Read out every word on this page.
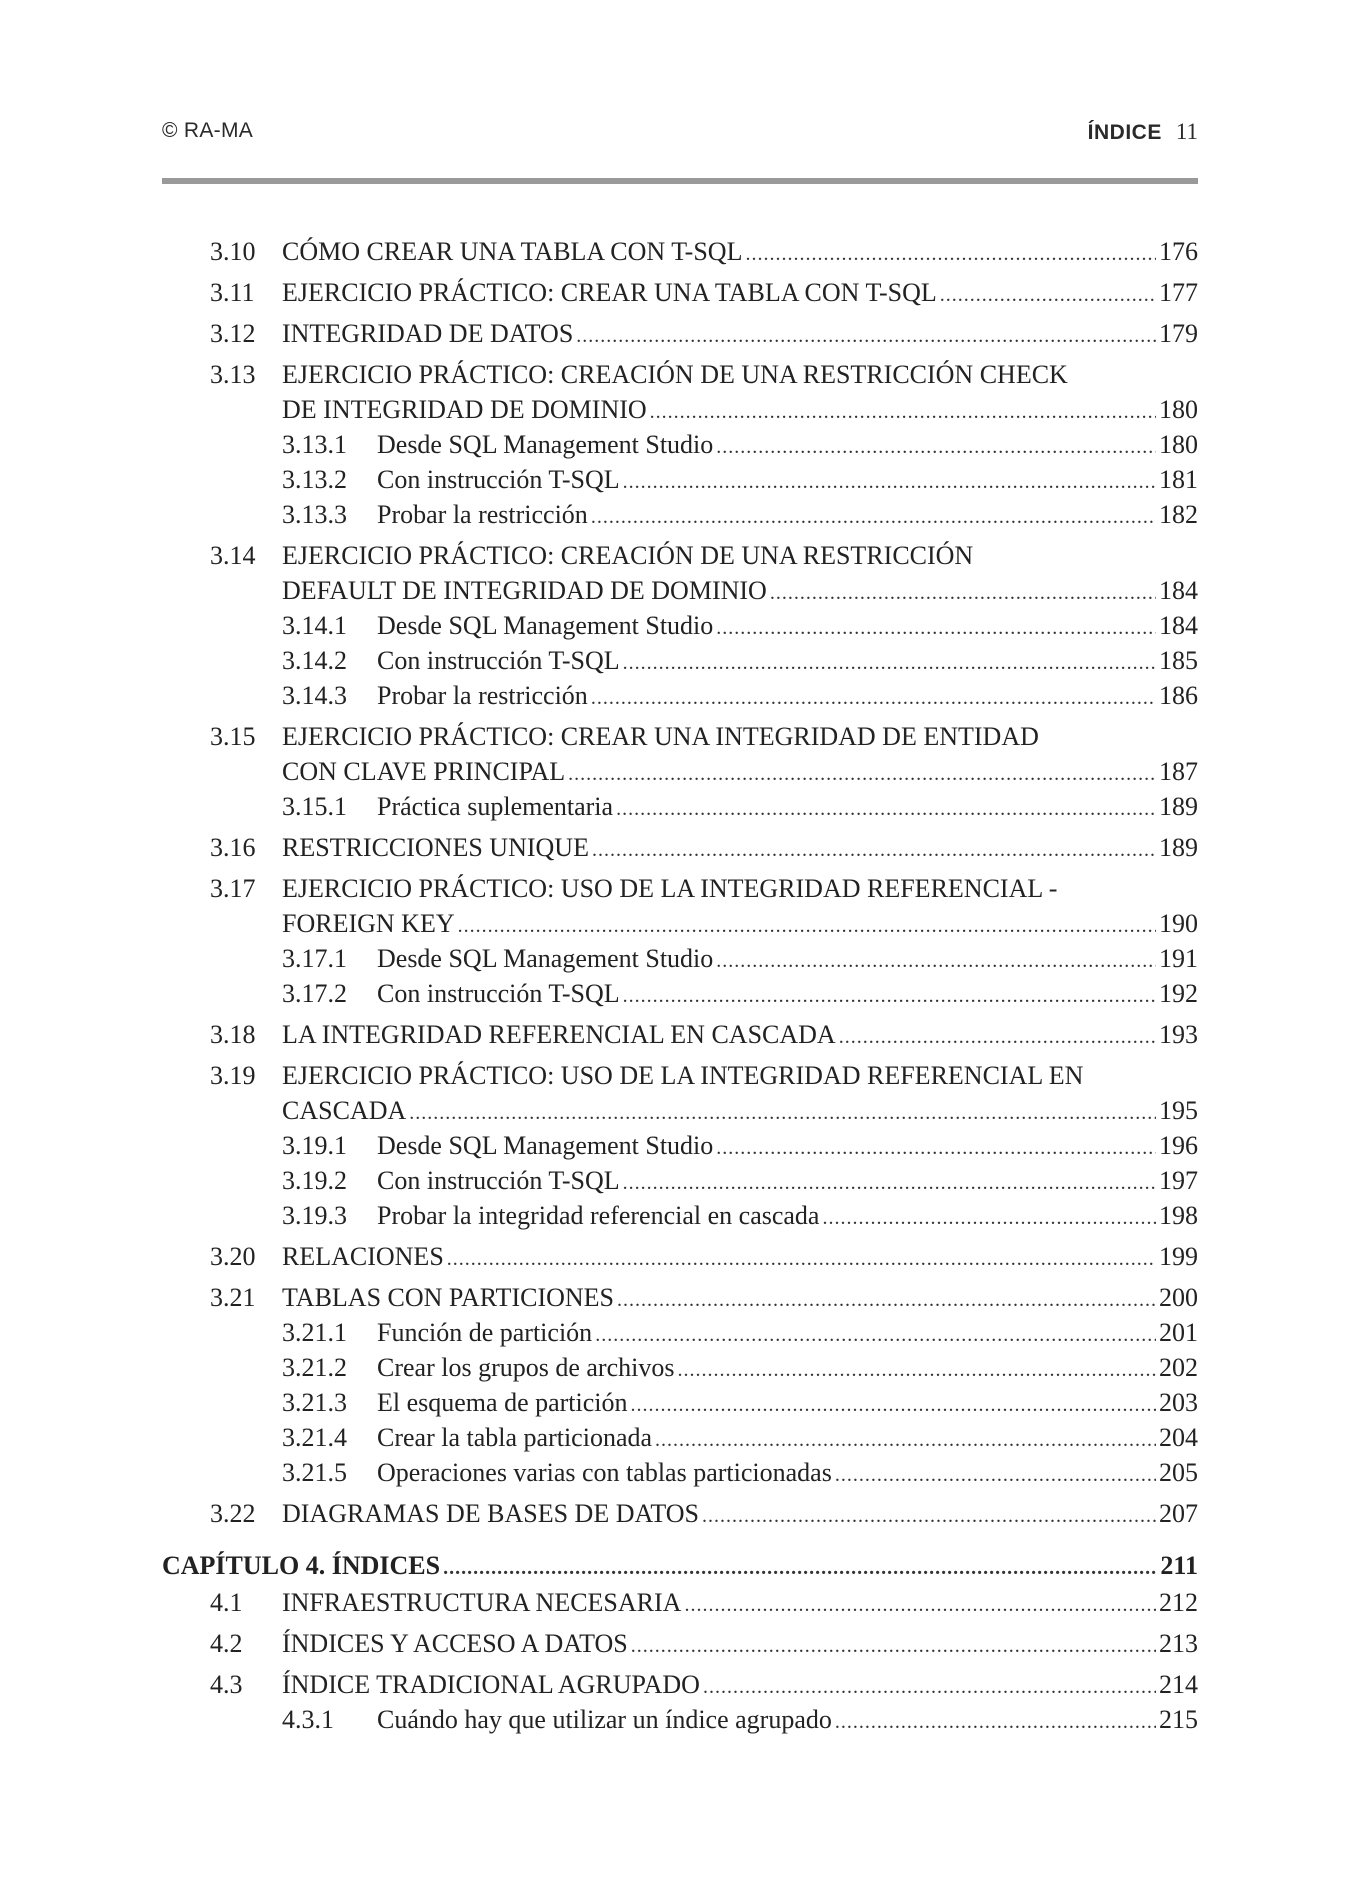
© RA-MA	ÍNDICE 11
3.10 CÓMO CREAR UNA TABLA CON T-SQL .....	176
3.11 EJERCICIO PRÁCTICO: CREAR UNA TABLA CON T-SQL .....	177
3.12 INTEGRIDAD DE DATOS .....	179
3.13 EJERCICIO PRÁCTICO: CREACIÓN DE UNA RESTRICCIÓN CHECK
DE INTEGRIDAD DE DOMINIO .....	180
3.13.1	Desde SQL Management Studio .....	180
3.13.2	Con instrucción T-SQL .....	181
3.13.3	Probar la restricción .....	182
3.14 EJERCICIO PRÁCTICO: CREACIÓN DE UNA RESTRICCIÓN
DEFAULT DE INTEGRIDAD DE DOMINIO .....	184
3.14.1	Desde SQL Management Studio .....	184
3.14.2	Con instrucción T-SQL .....	185
3.14.3	Probar la restricción .....	186
3.15 EJERCICIO PRÁCTICO: CREAR UNA INTEGRIDAD DE ENTIDAD
CON CLAVE PRINCIPAL .....	187
3.15.1	Práctica suplementaria .....	189
3.16 RESTRICCIONES UNIQUE .....	189
3.17 EJERCICIO PRÁCTICO: USO DE LA INTEGRIDAD REFERENCIAL -
FOREIGN KEY .....	190
3.17.1	Desde SQL Management Studio .....	191
3.17.2	Con instrucción T-SQL .....	192
3.18 LA INTEGRIDAD REFERENCIAL EN CASCADA .....	193
3.19 EJERCICIO PRÁCTICO: USO DE LA INTEGRIDAD REFERENCIAL EN
CASCADA .....	195
3.19.1	Desde SQL Management Studio .....	196
3.19.2	Con instrucción T-SQL .....	197
3.19.3	Probar la integridad referencial en cascada .....	198
3.20 RELACIONES .....	199
3.21 TABLAS CON PARTICIONES .....	200
3.21.1	Función de partición .....	201
3.21.2	Crear los grupos de archivos .....	202
3.21.3	El esquema de partición .....	203
3.21.4	Crear la tabla particionada .....	204
3.21.5	Operaciones varias con tablas particionadas .....	205
3.22 DIAGRAMAS DE BASES DE DATOS .....	207
CAPÍTULO 4. ÍNDICES .....	211
4.1 INFRAESTRUCTURA NECESARIA .....	212
4.2 ÍNDICES Y ACCESO A DATOS .....	213
4.3 ÍNDICE TRADICIONAL AGRUPADO .....	214
4.3.1	Cuándo hay que utilizar un índice agrupado .....	215
